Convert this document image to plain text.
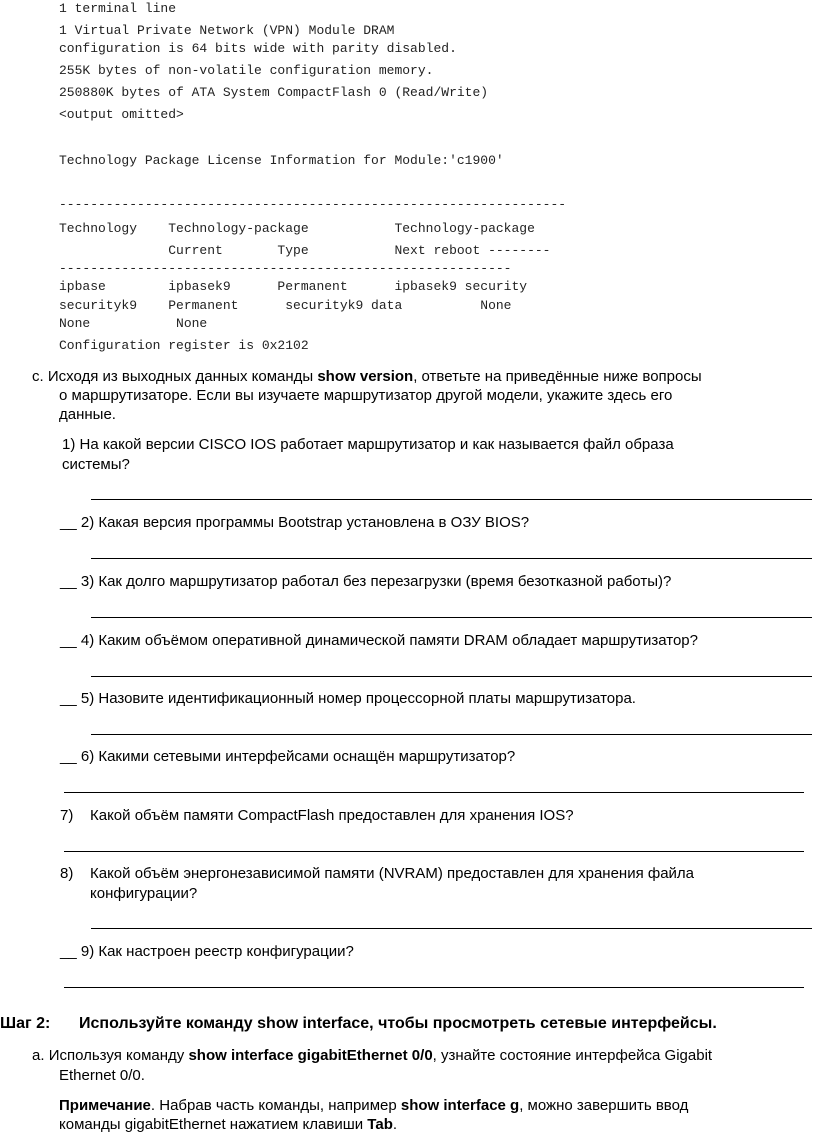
1 terminal line
1 Virtual Private Network (VPN) Module DRAM
configuration is 64 bits wide with parity disabled.
255K bytes of non-volatile configuration memory.
250880K bytes of ATA System CompactFlash 0 (Read/Write)
<output omitted>
Technology Package License Information for Module:'c1900'
-----------------------------------------------------------------
Technology    Technology-package           Technology-package
Current       Type           Next reboot --------
----------------------------------------------------------
ipbase        ipbasek9      Permanent      ipbasek9 security
securityk9    Permanent      securityk9 data          None
None           None
Configuration register is 0x2102

c. Исходя из выходных данных команды show version, ответьте на приведённые ниже вопросы

о маршрутизаторе. Если вы изучаете маршрутизатор другой модели, укажите здесь его

данные.

1) На какой версии CISCO IOS работает маршрутизатор и как называется файл образа

системы?

__ 2) Какая версия программы Bootstrap установлена в ОЗУ BIOS?

__ 3) Как долго маршрутизатор работал без перезагрузки (время безотказной работы)?

__ 4) Каким объёмом оперативной динамической памяти DRAM обладает маршрутизатор?

__ 5) Назовите идентификационный номер процессорной платы маршрутизатора.

__ 6) Какими сетевыми интерфейсами оснащён маршрутизатор?

7) Какой объём памяти CompactFlash предоставлен для хранения IOS?

8) Какой объём энергонезависимой памяти (NVRAM) предоставлен для хранения файла

конфигурации?

__ 9) Как настроен реестр конфигурации?

Шаг 2: Используйте команду show interface, чтобы просмотреть сетевые интерфейсы.

a. Используя команду show interface gigabitEthernet 0/0, узнайте состояние интерфейса Gigabit

Ethernet 0/0.

Примечание. Набрав часть команды, например show interface g, можно завершить ввод

команды gigabitEthernet нажатием клавиши Tab.
